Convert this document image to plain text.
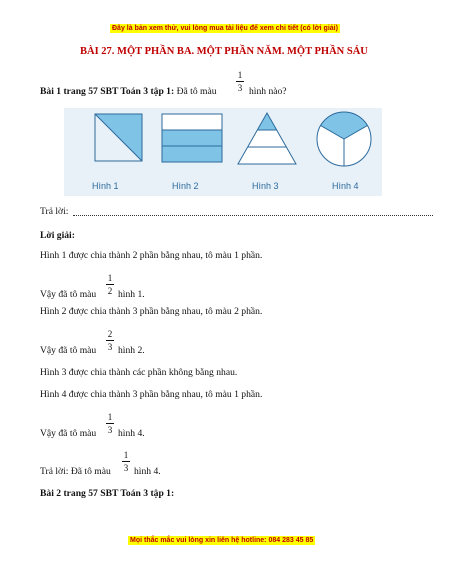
Đây là bản xem thử, vui lòng mua tài liệu để xem chi tiết (có lời giải)
BÀI 27. MỘT PHẦN BA. MỘT PHẦN NĂM. MỘT PHẦN SÁU
Bài 1 trang 57 SBT Toán 3 tập 1: Đã tô màu
1
3 hình nào?
Hình 1	Hình 2	Hình 3	Hình 4
Trả lời:
Lời giải:
Hình 1 được chia thành 2 phần bằng nhau, tô màu 1 phần.
Vậy đã tô màu
1
2 hình 1.
Hình 2 được chia thành 3 phần bằng nhau, tô màu 2 phần.
Vậy đã tô màu
2
3 hình 2.
Hình 3 được chia thành các phần không bằng nhau.
Hình 4 được chia thành 3 phần bằng nhau, tô màu 1 phần.
Vậy đã tô màu
1
3 hình 4.
Trả lời: Đã tô màu
1
3 hình 4.
Bài 2 trang 57 SBT Toán 3 tập 1:
Mọi thắc mắc vui lòng xin liên hệ hotline: 084 283 45 85
